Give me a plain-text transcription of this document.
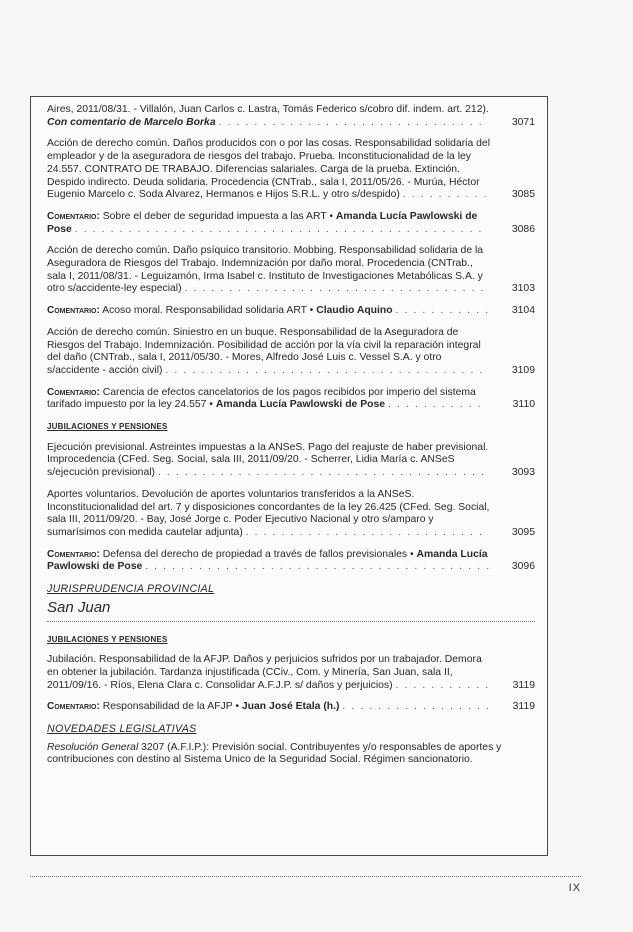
Aires, 2011/08/31. - Villalón, Juan Carlos c. Lastra, Tomás Federico s/cobro dif. indem. art. 212).
Con comentario de Marcelo Borka . . . . . . . . . . . . . . . . . . . . . . . . . . . . . .	3071

Acción de derecho común. Daños producidos con o por las cosas. Responsabilidad solidaria del empleador y de la aseguradora de riesgos del trabajo. Prueba. Inconstitucionalidad de la ley 24.557. CONTRATO DE TRABAJO. Diferencias salariales. Carga de la prueba. Extinción. Despido indirecto. Deuda solidaria. Procedencia (CNTrab., sala I, 2011/05/26. - Murúa, Héctor Eugenio Marcelo c. Soda Alvarez, Hermanos e Hijos S.R.L. y otro s/despido) . . . . . . . . . .	3085

Comentario: Sobre el deber de seguridad impuesta a las ART • Amanda Lucía Pawlowski de Pose . . . . . . . . . . . . . . . . . . . . . . . . . . . . . . . . . . . . . . . . . . . . . .	3086

Acción de derecho común. Daño psíquico transitorio. Mobbing. Responsabilidad solidaria de la Aseguradora de Riesgos del Trabajo. Indemnización por daño moral. Procedencia (CNTrab., sala I, 2011/08/31. - Leguizamón, Irma Isabel c. Instituto de Investigaciones Metabólicas S.A. y otro s/accidente-ley especial) . . . . . . . . . . . . . . . . . . . . . . . . . . . . . . . . . .	3103

Comentario: Acoso moral. Responsabilidad solidaria ART • Claudio Aquino . . . . . . . . . . .	3104

Acción de derecho común. Siniestro en un buque. Responsabilidad de la Aseguradora de Riesgos del Trabajo. Indemnización. Posibilidad de acción por la vía civil la reparación integral del daño (CNTrab., sala I, 2011/05/30. - Mores, Alfredo José Luis c. Vessel S.A. y otro s/accidente - acción civil) . . . . . . . . . . . . . . . . . . . . . . . . . . . . . . . . . . . .	3109

Comentario: Carencia de efectos cancelatorios de los pagos recibidos por imperio del sistema tarifado impuesto por la ley 24.557 • Amanda Lucía Pawlowski de Pose . . . . . . . . . . .	3110
JUBILACIONES Y PENSIONES

Ejecución previsional. Astreintes impuestas a la ANSeS. Pago del reajuste de haber previsional. Improcedencia (CFed. Seg. Social, sala III, 2011/09/20. - Scherrer, Lidia María c. ANSeS s/ejecución previsional) . . . . . . . . . . . . . . . . . . . . . . . . . . . . . . . . . . . . .	3093

Aportes voluntarios. Devolución de aportes voluntarios transferidos a la ANSeS. Inconstitucionalidad del art. 7 y disposiciones concordantes de la ley 26.425 (CFed. Seg. Social, sala III, 2011/09/20. - Bay, José Jorge c. Poder Ejecutivo Nacional y otro s/amparo y sumarísimos con medida cautelar adjunta) . . . . . . . . . . . . . . . . . . . . . . . . . . .	3095

Comentario: Defensa del derecho de propiedad a través de fallos previsionales • Amanda Lucía Pawlowski de Pose . . . . . . . . . . . . . . . . . . . . . . . . . . . . . . . . . . . . . . .	3096
JURISPRUDENCIA PROVINCIAL
San Juan
JUBILACIONES Y PENSIONES

Jubilación. Responsabilidad de la AFJP. Daños y perjuicios sufridos por un trabajador. Demora en obtener la jubilación. Tardanza injustificada (CCiv., Com. y Minería, San Juan, sala II, 2011/09/16. - Ríos, Elena Clara c. Consolidar A.F.J.P. s/ daños y perjuicios) . . . . . . . . . . .	3119

Comentario: Responsabilidad de la AFJP • Juan José Etala (h.) . . . . . . . . . . . . . . . . .	3119
NOVEDADES LEGISLATIVAS

Resolución General 3207 (A.F.I.P.): Previsión social. Contribuyentes y/o responsables de aportes y contribuciones con destino al Sistema Unico de la Seguridad Social. Régimen sancionatorio.

IX
